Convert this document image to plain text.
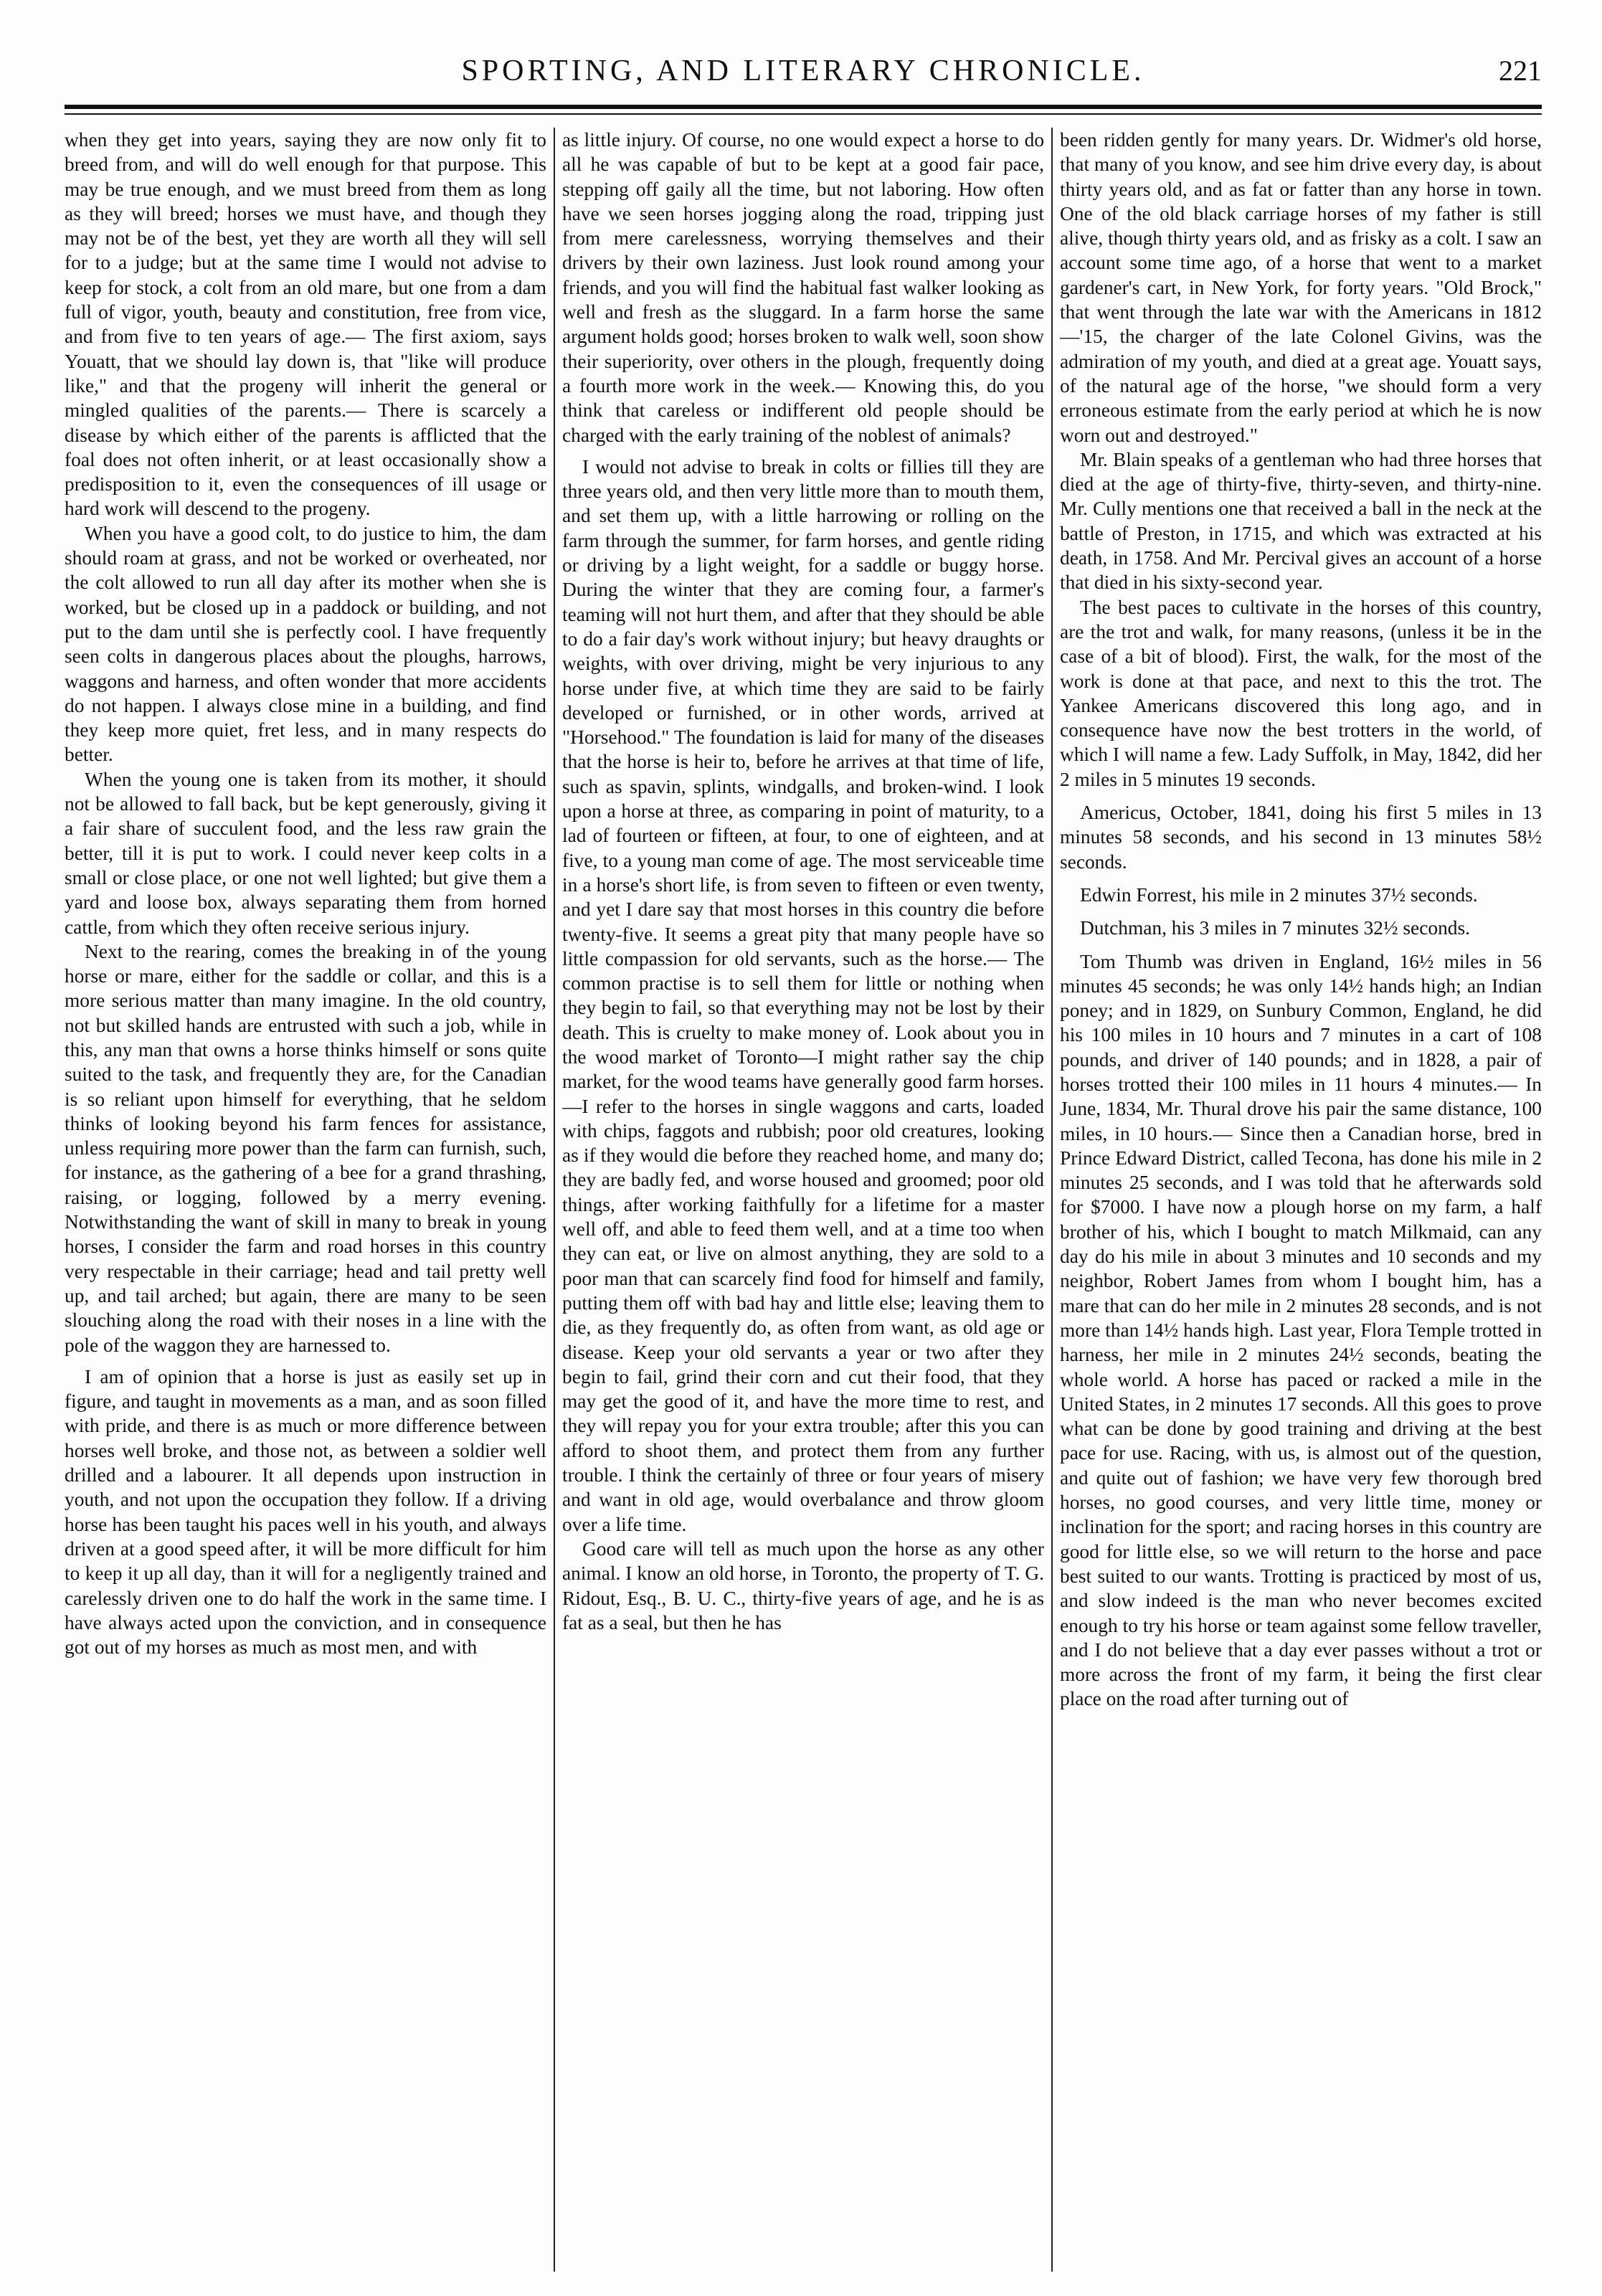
SPORTING, AND LITERARY CHRONICLE.	221

when they get into years, saying they are now only fit to breed from, and will do well enough for that purpose. This may be true enough, and we must breed from them as long as they will breed; horses we must have, and though they may not be of the best, yet they are worth all they will sell for to a judge; but at the same time I would not advise to keep for stock, a colt from an old mare, but one from a dam full of vigor, youth, beauty and constitution, free from vice, and from five to ten years of age.— The first axiom, says Youatt, that we should lay down is, that "like will produce like," and that the progeny will inherit the general or mingled qualities of the parents.— There is scarcely a disease by which either of the parents is afflicted that the foal does not often inherit, or at least occasionally show a predisposition to it, even the consequences of ill usage or hard work will descend to the progeny.

When you have a good colt, to do justice to him, the dam should roam at grass, and not be worked or overheated, nor the colt allowed to run all day after its mother when she is worked, but be closed up in a paddock or building, and not put to the dam until she is perfectly cool. I have frequently seen colts in dangerous places about the ploughs, harrows, waggons and harness, and often wonder that more accidents do not happen. I always close mine in a building, and find they keep more quiet, fret less, and in many respects do better.

When the young one is taken from its mother, it should not be allowed to fall back, but be kept generously, giving it a fair share of succulent food, and the less raw grain the better, till it is put to work. I could never keep colts in a small or close place, or one not well lighted; but give them a yard and loose box, always separating them from horned cattle, from which they often receive serious injury.

Next to the rearing, comes the breaking in of the young horse or mare, either for the saddle or collar, and this is a more serious matter than many imagine. In the old country, not but skilled hands are entrusted with such a job, while in this, any man that owns a horse thinks himself or sons quite suited to the task, and frequently they are, for the Canadian is so reliant upon himself for everything, that he seldom thinks of looking beyond his farm fences for assistance, unless requiring more power than the farm can furnish, such, for instance, as the gathering of a bee for a grand thrashing, raising, or logging, followed by a merry evening. Notwithstanding the want of skill in many to break in young horses, I consider the farm and road horses in this country very respectable in their carriage; head and tail pretty well up, and tail arched; but again, there are many to be seen slouching along the road with their noses in a line with the pole of the waggon they are harnessed to.

I am of opinion that a horse is just as easily set up in figure, and taught in movements as a man, and as soon filled with pride, and there is as much or more difference between horses well broke, and those not, as between a soldier well drilled and a labourer. It all depends upon instruction in youth, and not upon the occupation they follow. If a driving horse has been taught his paces well in his youth, and always driven at a good speed after, it will be more difficult for him to keep it up all day, than it will for a negligently trained and carelessly driven one to do half the work in the same time. I have always acted upon the conviction, and in consequence got out of my horses as much as most men, and with

as little injury. Of course, no one would expect a horse to do all he was capable of but to be kept at a good fair pace, stepping off gaily all the time, but not laboring. How often have we seen horses jogging along the road, tripping just from mere carelessness, worrying themselves and their drivers by their own laziness. Just look round among your friends, and you will find the habitual fast walker looking as well and fresh as the sluggard. In a farm horse the same argument holds good; horses broken to walk well, soon show their superiority, over others in the plough, frequently doing a fourth more work in the week.— Knowing this, do you think that careless or indifferent old people should be charged with the early training of the noblest of animals?

I would not advise to break in colts or fillies till they are three years old, and then very little more than to mouth them, and set them up, with a little harrowing or rolling on the farm through the summer, for farm horses, and gentle riding or driving by a light weight, for a saddle or buggy horse. During the winter that they are coming four, a farmer's teaming will not hurt them, and after that they should be able to do a fair day's work without injury; but heavy draughts or weights, with over driving, might be very injurious to any horse under five, at which time they are said to be fairly developed or furnished, or in other words, arrived at "Horsehood." The foundation is laid for many of the diseases that the horse is heir to, before he arrives at that time of life, such as spavin, splints, windgalls, and broken-wind. I look upon a horse at three, as comparing in point of maturity, to a lad of fourteen or fifteen, at four, to one of eighteen, and at five, to a young man come of age. The most serviceable time in a horse's short life, is from seven to fifteen or even twenty, and yet I dare say that most horses in this country die before twenty-five. It seems a great pity that many people have so little compassion for old servants, such as the horse.— The common practise is to sell them for little or nothing when they begin to fail, so that everything may not be lost by their death. This is cruelty to make money of. Look about you in the wood market of Toronto—I might rather say the chip market, for the wood teams have generally good farm horses.—I refer to the horses in single waggons and carts, loaded with chips, faggots and rubbish; poor old creatures, looking as if they would die before they reached home, and many do; they are badly fed, and worse housed and groomed; poor old things, after working faithfully for a lifetime for a master well off, and able to feed them well, and at a time too when they can eat, or live on almost anything, they are sold to a poor man that can scarcely find food for himself and family, putting them off with bad hay and little else; leaving them to die, as they frequently do, as often from want, as old age or disease. Keep your old servants a year or two after they begin to fail, grind their corn and cut their food, that they may get the good of it, and have the more time to rest, and they will repay you for your extra trouble; after this you can afford to shoot them, and protect them from any further trouble. I think the certainly of three or four years of misery and want in old age, would overbalance and throw gloom over a life time.

Good care will tell as much upon the horse as any other animal. I know an old horse, in Toronto, the property of T. G. Ridout, Esq., B. U. C., thirty-five years of age, and he is as fat as a seal, but then he has

been ridden gently for many years. Dr. Widmer's old horse, that many of you know, and see him drive every day, is about thirty years old, and as fat or fatter than any horse in town. One of the old black carriage horses of my father is still alive, though thirty years old, and as frisky as a colt. I saw an account some time ago, of a horse that went to a market gardener's cart, in New York, for forty years. "Old Brock," that went through the late war with the Americans in 1812—'15, the charger of the late Colonel Givins, was the admiration of my youth, and died at a great age. Youatt says, of the natural age of the horse, "we should form a very erroneous estimate from the early period at which he is now worn out and destroyed."

Mr. Blain speaks of a gentleman who had three horses that died at the age of thirty-five, thirty-seven, and thirty-nine. Mr. Cully mentions one that received a ball in the neck at the battle of Preston, in 1715, and which was extracted at his death, in 1758. And Mr. Percival gives an account of a horse that died in his sixty-second year.

The best paces to cultivate in the horses of this country, are the trot and walk, for many reasons, (unless it be in the case of a bit of blood). First, the walk, for the most of the work is done at that pace, and next to this the trot. The Yankee Americans discovered this long ago, and in consequence have now the best trotters in the world, of which I will name a few. Lady Suffolk, in May, 1842, did her 2 miles in 5 minutes 19 seconds.

Americus, October, 1841, doing his first 5 miles in 13 minutes 58 seconds, and his second in 13 minutes 58½ seconds.

Edwin Forrest, his mile in 2 minutes 37½ seconds.

Dutchman, his 3 miles in 7 minutes 32½ seconds.

Tom Thumb was driven in England, 16½ miles in 56 minutes 45 seconds; he was only 14½ hands high; an Indian poney; and in 1829, on Sunbury Common, England, he did his 100 miles in 10 hours and 7 minutes in a cart of 108 pounds, and driver of 140 pounds; and in 1828, a pair of horses trotted their 100 miles in 11 hours 4 minutes.— In June, 1834, Mr. Thural drove his pair the same distance, 100 miles, in 10 hours.— Since then a Canadian horse, bred in Prince Edward District, called Tecona, has done his mile in 2 minutes 25 seconds, and I was told that he afterwards sold for $7000. I have now a plough horse on my farm, a half brother of his, which I bought to match Milkmaid, can any day do his mile in about 3 minutes and 10 seconds and my neighbor, Robert James from whom I bought him, has a mare that can do her mile in 2 minutes 28 seconds, and is not more than 14½ hands high. Last year, Flora Temple trotted in harness, her mile in 2 minutes 24½ seconds, beating the whole world. A horse has paced or racked a mile in the United States, in 2 minutes 17 seconds. All this goes to prove what can be done by good training and driving at the best pace for use. Racing, with us, is almost out of the question, and quite out of fashion; we have very few thorough bred horses, no good courses, and very little time, money or inclination for the sport; and racing horses in this country are good for little else, so we will return to the horse and pace best suited to our wants. Trotting is practiced by most of us, and slow indeed is the man who never becomes excited enough to try his horse or team against some fellow traveller, and I do not believe that a day ever passes without a trot or more across the front of my farm, it being the first clear place on the road after turning out of
